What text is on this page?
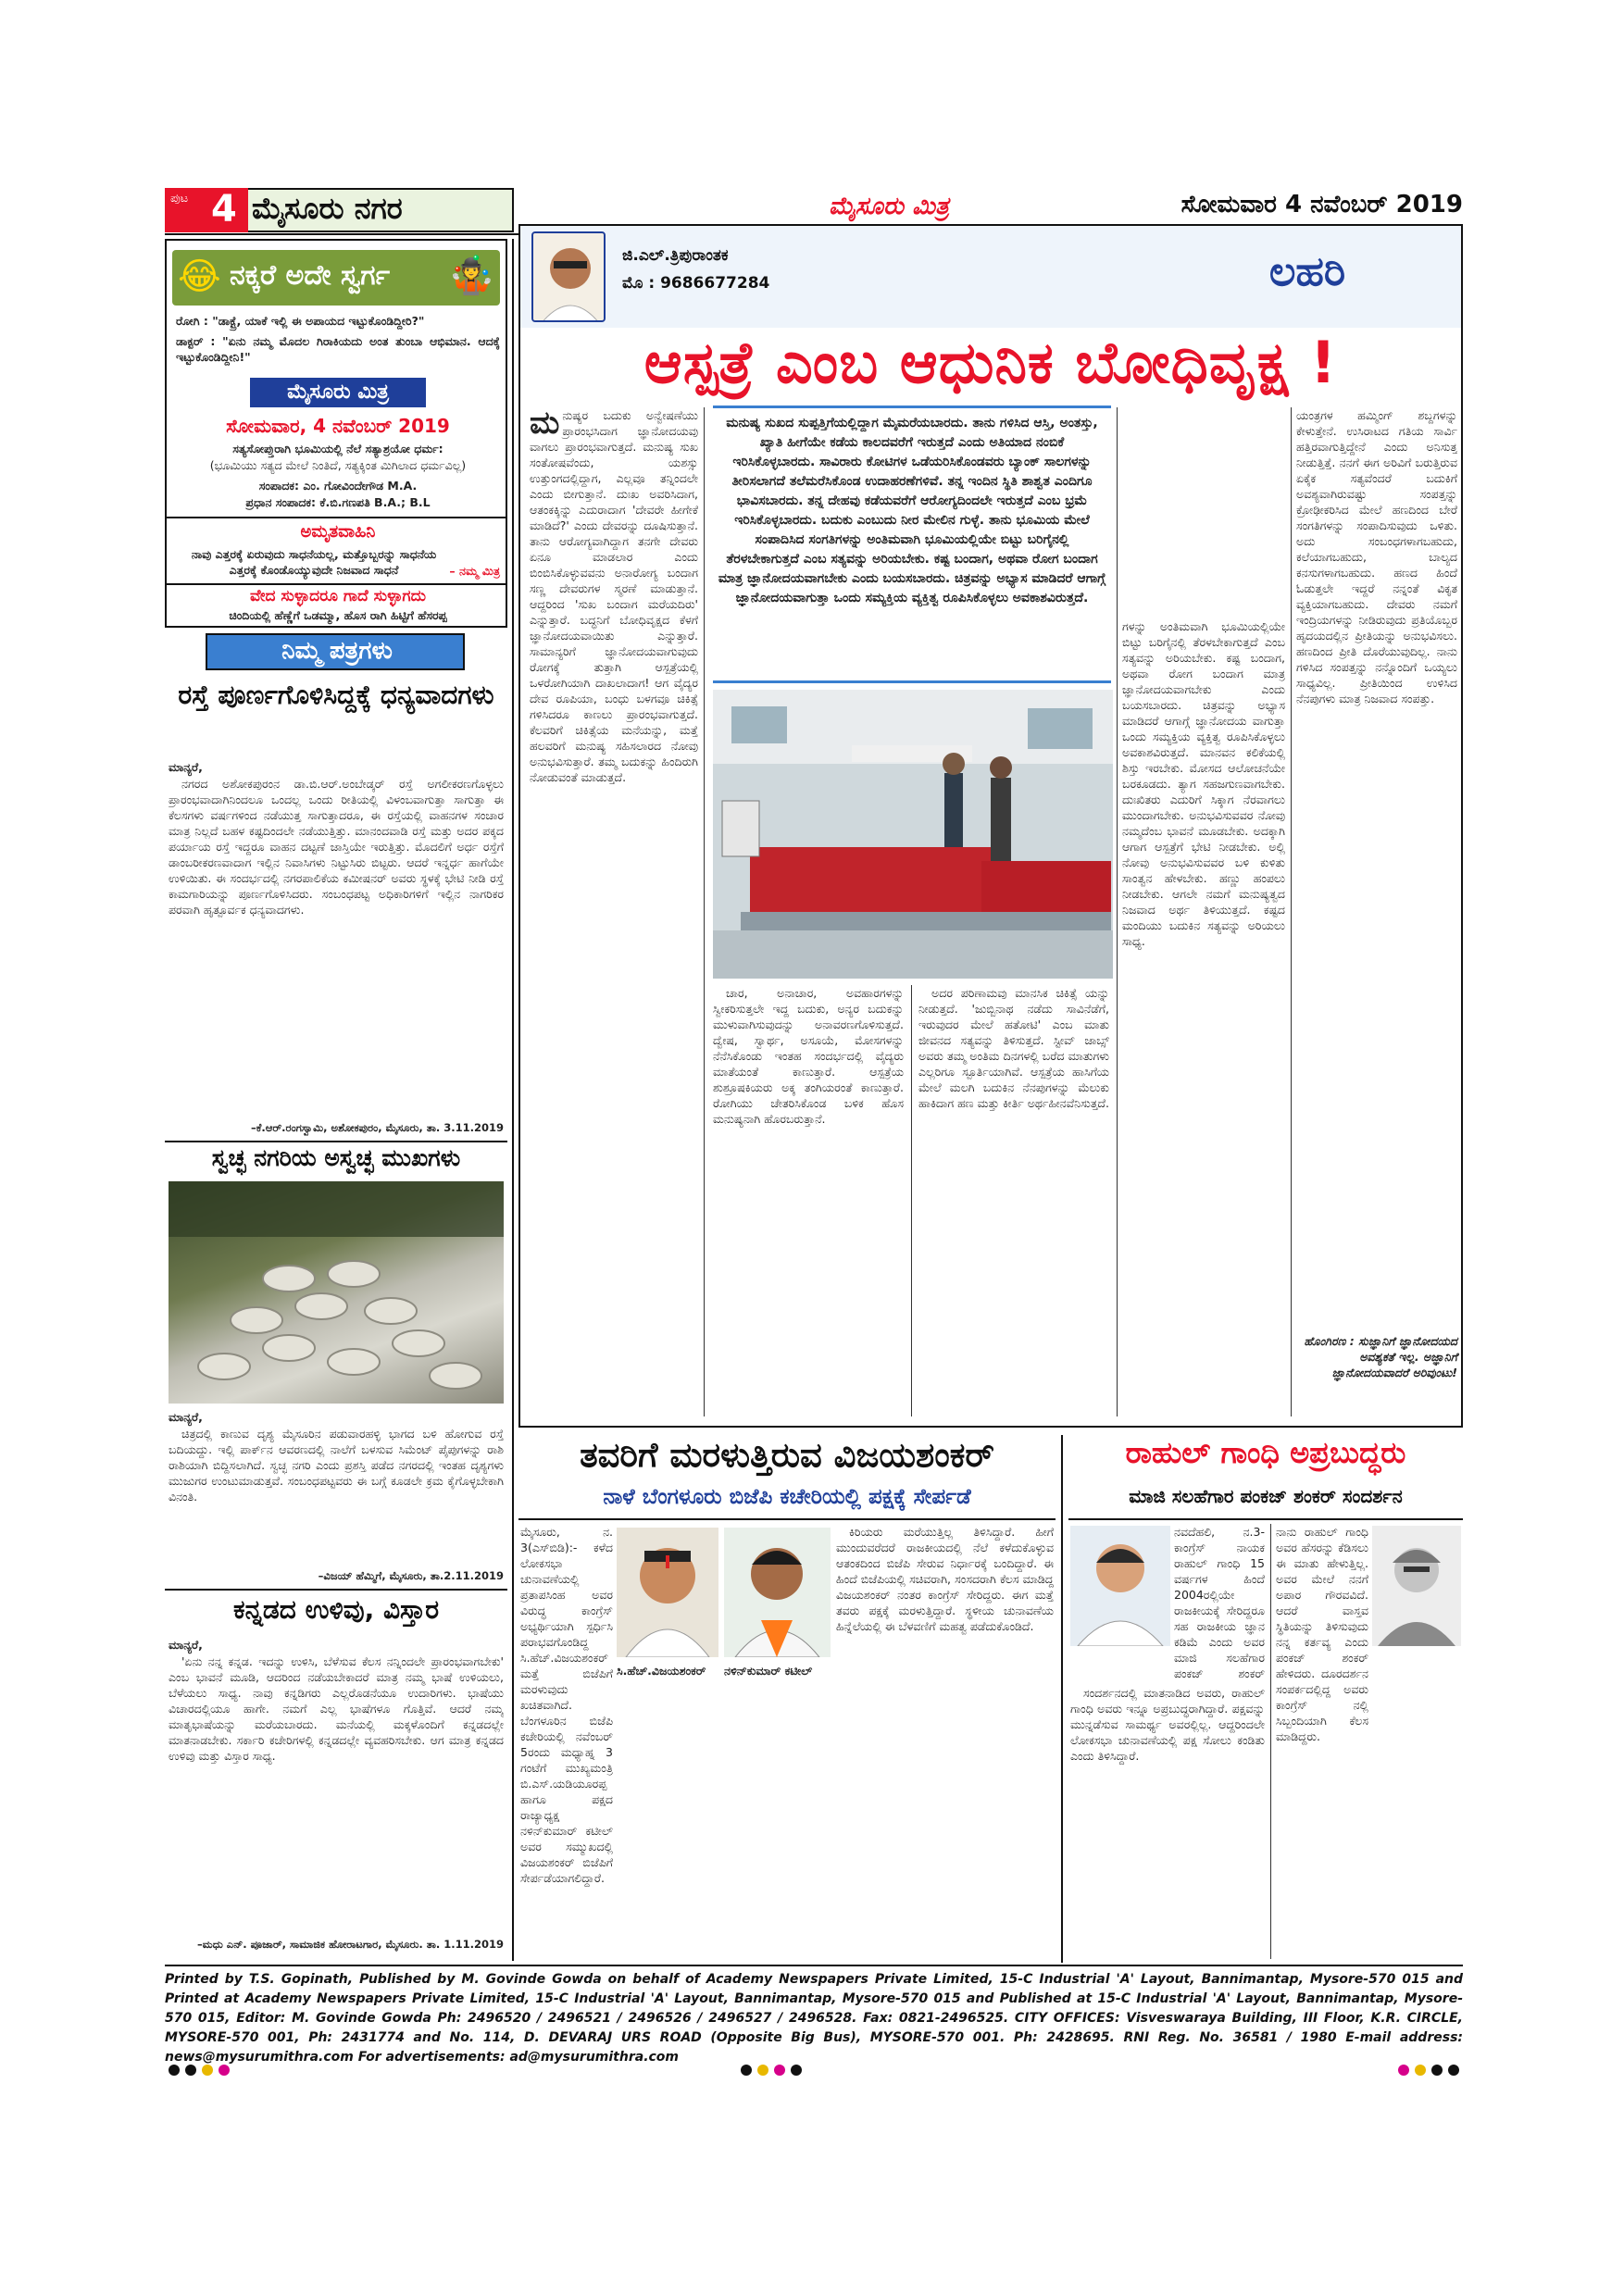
ಪುಟ 4 ಮೈಸೂರು ನಗರ	ಮೈಸೂರು ಮಿತ್ರ	ಸೋಮವಾರ 4 ನವೆಂಬರ್ 2019
😂 ನಕ್ಕರೆ ಅದೇ ಸ್ವರ್ಗ 🤹
ರೋಗಿ : "ಡಾಕ್ಟ್ರೆ, ಯಾಕೆ ಇಲ್ಲಿ ಈ ಅಪಾಯದ ಇಟ್ಟುಕೊಂಡಿದ್ದೀರಿ?"
ಡಾಕ್ಟರ್ : "ಏನು ನಮ್ಮ ಮೊದಲ ಗಿರಾಕಿಯದು ಅಂತ ತುಂಬಾ ಆಭಿಮಾನ. ಆದಕ್ಕೆ ಇಟ್ಟುಕೊಂಡಿದ್ದೀನಿ!"
ಮೈಸೂರು ಮಿತ್ರ
ಸೋಮವಾರ, 4 ನವೆಂಬರ್ 2019
ಸತ್ಯಸೋಪ್ತುರಾಗಿ ಭೂಮಿಯಲ್ಲಿ ನೆಲೆ ಸತ್ಯಾಶ್ರಯೋ ಧರ್ಮ:
(ಭೂಮಿಯು ಸತ್ಯದ ಮೇಲೆ ನಿಂತಿದೆ, ಸತ್ಯಕ್ಕಿಂತ ಮಿಗಿಲಾದ ಧರ್ಮವಿಲ್ಲ)
ಸಂಪಾದಕ: ಎಂ. ಗೋವಿಂದೇಗೌಡ M.A.
ಪ್ರಧಾನ ಸಂಪಾದಕ: ಕೆ.ಬಿ.ಗಣಪತಿ B.A.; B.L
ಅಮೃತವಾಹಿನಿ
ನಾವು ಎತ್ತರಕ್ಕೆ ಏರುವುದು ಸಾಧನೆಯಲ್ಲ, ಮತ್ತೊಬ್ಬರನ್ನು ಸಾಧನೆಯ ಎತ್ತರಕ್ಕೆ ಕೊಂಡೊಯ್ಯುವುದೇ ನಿಜವಾದ ಸಾಧನೆ	– ನಮ್ಮ ಮಿತ್ರ
ವೇದ ಸುಳ್ಳಾದರೂ ಗಾದೆ ಸುಳ್ಳಾಗದು
ಚಿಂದಿಯಲ್ಲಿ ಹೆಣ್ಣೆಗೆ ಒಡಮ್ಮಾ, ಹೊಸ ರಾಗಿ ಹಿಟ್ಟಿಗೆ ಹೆಸರಪ್ಪ
ನಿಮ್ಮ ಪತ್ರಗಳು
ರಸ್ತೆ ಪೂರ್ಣಗೊಳಿಸಿದ್ದಕ್ಕೆ ಧನ್ಯವಾದಗಳು
ಮಾನ್ಯರೆ,
ನಗರದ ಅಶೋಕಪುರಂನ ಡಾ.ಬಿ.ಆರ್.ಅಂಬೇಡ್ಕರ್ ರಸ್ತೆ ಅಗಲೀಕರಣಗೊಳ್ಳಲು ಪ್ರಾರಂಭವಾದಾಗಿನಿಂದಲೂ ಒಂದಲ್ಲ ಒಂದು ರೀತಿಯಲ್ಲಿ ವಿಳಂಬವಾಗುತ್ತಾ ಸಾಗುತ್ತಾ ಈ ಕೆಲಸಗಳು ವರ್ಷಗಳಿಂದ ನಡೆಯುತ್ತ ಸಾಗುತ್ತಾದರೂ, ಈ ರಸ್ತೆಯಲ್ಲಿ ವಾಹನಗಳ ಸಂಚಾರ ಮಾತ್ರ ನಿಲ್ಲದೆ ಬಹಳ ಕಷ್ಟದಿಂದಲೇ ನಡೆಯುತ್ತಿತ್ತು. ಮಾನಂದವಾಡಿ ರಸ್ತೆ ಮತ್ತು ಅದರ ಪಕ್ಕದ ಪರ್ಯಾಯ ರಸ್ತೆ ಇದ್ದರೂ ವಾಹನ ದಟ್ಟಣೆ ಜಾಸ್ತಿಯೇ ಇರುತ್ತಿತ್ತು. ಮೊದಲಿಗೆ ಅರ್ಧ ರಸ್ತೆಗೆ ಡಾಂಬರೀಕರಣವಾದಾಗ ಇಲ್ಲಿನ ನಿವಾಸಿಗಳು ನಿಟ್ಟುಸಿರು ಬಿಟ್ಟರು. ಆದರೆ ಇನ್ನರ್ಧ ಹಾಗೆಯೇ ಉಳಿಯಿತು. ಈ ಸಂದರ್ಭದಲ್ಲಿ ನಗರಪಾಲಿಕೆಯ ಕಮೀಷನರ್ ಅವರು ಸ್ಥಳಕ್ಕೆ ಭೇಟಿ ನೀಡಿ ರಸ್ತೆ ಕಾಮಗಾರಿಯನ್ನು ಪೂರ್ಣಗೊಳಿಸಿದರು. ಸಂಬಂಧಪಟ್ಟ ಅಧಿಕಾರಿಗಳಿಗೆ ಇಲ್ಲಿನ ನಾಗರಿಕರ ಪರವಾಗಿ ಹೃತ್ಪೂರ್ವಕ ಧನ್ಯವಾದಗಳು.
–ಕೆ.ಆರ್.ರಂಗಸ್ವಾಮಿ, ಅಶೋಕಪುರಂ, ಮೈಸೂರು, ತಾ. 3.11.2019
ಸ್ವಚ್ಛ ನಗರಿಯ ಅಸ್ವಚ್ಛ ಮುಖಗಳು
ಮಾನ್ಯರೆ,
ಚಿತ್ರದಲ್ಲಿ ಕಾಣುವ ದೃಶ್ಯ ಮೈಸೂರಿನ ಪಡುವಾರಹಳ್ಳಿ ಭಾಗದ ಬಳಿ ಹೋಗುವ ರಸ್ತೆ ಬದಿಯದ್ದು. ಇಲ್ಲಿ ಪಾರ್ಕ್‌ನ ಆವರಣದಲ್ಲಿ ನಾಲೆಗೆ ಬಳಸುವ ಸಿಮೆಂಟ್ ಪೈಪುಗಳನ್ನು ರಾಶಿ ರಾಶಿಯಾಗಿ ಬಿದ್ದಿಸಲಾಗಿದೆ. ಸ್ವಚ್ಛ ನಗರಿ ಎಂದು ಪ್ರಶಸ್ತಿ ಪಡೆದ ನಗರದಲ್ಲಿ ಇಂತಹ ದೃಶ್ಯಗಳು ಮುಜುಗರ ಉಂಟುಮಾಡುತ್ತವೆ. ಸಂಬಂಧಪಟ್ಟವರು ಈ ಬಗ್ಗೆ ಕೂಡಲೇ ಕ್ರಮ ಕೈಗೊಳ್ಳಬೇಕಾಗಿ ವಿನಂತಿ.
–ವಿಜಯ್ ಹೆಮ್ಮಿಗೆ, ಮೈಸೂರು, ತಾ.2.11.2019
ಕನ್ನಡದ ಉಳಿವು, ವಿಸ್ತಾರ
ಮಾನ್ಯರೆ,
'ಏನು ನನ್ನ ಕನ್ನಡ. ಇದನ್ನು ಉಳಿಸಿ, ಬೆಳೆಸುವ ಕೆಲಸ ನನ್ನಿಂದಲೇ ಪ್ರಾರಂಭವಾಗಬೇಕು' ಎಂಬ ಭಾವನೆ ಮೂಡಿ, ಆದರಿಂದ ನಡೆಯಬೇಕಾದರೆ ಮಾತ್ರ ನಮ್ಮ ಭಾಷೆ ಉಳಿಯಲು, ಬೆಳೆಯಲು ಸಾಧ್ಯ. ನಾವು ಕನ್ನಡಿಗರು ಎಲ್ಲರೊಡನೆಯೂ ಉದಾರಿಗಳು. ಭಾಷೆಯು ವಿಚಾರದಲ್ಲಿಯೂ ಹಾಗೇ. ನಮಗೆ ಎಲ್ಲ ಭಾಷೆಗಳೂ ಗೊತ್ತಿವೆ. ಆದರೆ ನಮ್ಮ ಮಾತೃಭಾಷೆಯನ್ನು ಮರೆಯಬಾರದು. ಮನೆಯಲ್ಲಿ ಮಕ್ಕಳೊಂದಿಗೆ ಕನ್ನಡದಲ್ಲೇ ಮಾತನಾಡಬೇಕು. ಸರ್ಕಾರಿ ಕಚೇರಿಗಳಲ್ಲಿ ಕನ್ನಡದಲ್ಲೇ ವ್ಯವಹರಿಸಬೇಕು. ಆಗ ಮಾತ್ರ ಕನ್ನಡದ ಉಳಿವು ಮತ್ತು ವಿಸ್ತಾರ ಸಾಧ್ಯ.
–ಮಧು ಎನ್. ಪೂಜಾರ್, ಸಾಮಾಜಿಕ ಹೋರಾಟಗಾರ, ಮೈಸೂರು. ತಾ. 1.11.2019
ಜಿ.ಎಲ್.ತ್ರಿಪುರಾಂತಕ
ಮೊ : 9686677284	ಲಹರಿ
ಆಸ್ಪತ್ರೆ ಎಂಬ ಆಧುನಿಕ ಬೋಧಿವೃಕ್ಷ !
ಮನುಷ್ಯರ ಬದುಕು ಅನ್ವೇಷಣೆಯು ಪ್ರಾರಂಭಸಿದಾಗ ಜ್ಞಾನೋದಯವು ವಾಗಲು ಪ್ರಾರಂಭವಾಗುತ್ತದೆ. ಮನುಷ್ಯ ಸುಖ ಸಂತೋಷವೆಂದು, ಯಶಸ್ಸು ಉತ್ತುಂಗದಲ್ಲಿದ್ದಾಗ, ಎಲ್ಲವೂ ತನ್ನಿಂದಲೇ ಎಂದು ಬೀಗುತ್ತಾನೆ. ದುಃಖ ಅವರಿಸಿದಾಗ, ಆತಂಕಕ್ಕಿನ್ನು ಎದುರಾದಾಗ 'ದೇವರೇ ಹೀಗೇಕೆ ಮಾಡಿದೆ?' ಎಂದು ದೇವರನ್ನು ದೂಷಿಸುತ್ತಾನೆ. ತಾನು ಆರೋಗ್ಯವಾಗಿದ್ದಾಗ ತನಗೇ ದೇವರು ಏನೂ ಮಾಡಲಾರ ಎಂದು ಬಿಂಬಿಸಿಕೊಳ್ಳುವವನು ಅನಾರೋಗ್ಯ ಬಂದಾಗ ಸಣ್ಣ ದೇವರುಗಳ ಸ್ಮರಣೆ ಮಾಡುತ್ತಾನೆ. ಆದ್ದರಿಂದ 'ಸುಖ ಬಂದಾಗ ಮರೆಯದಿರು' ಎನ್ನುತ್ತಾರೆ. ಬದ್ಧನಿಗೆ ಬೋಧಿವೃಕ್ಷದ ಕೆಳಗೆ ಜ್ಞಾನೋದಯವಾಯಿತು ಎನ್ನುತ್ತಾರೆ. ಸಾಮಾನ್ಯರಿಗೆ ಜ್ಞಾನೋದಯವಾಗುವುದು ರೋಗಕ್ಕೆ ತುತ್ತಾಗಿ ಆಸ್ಪತ್ರೆಯಲ್ಲಿ ಒಳರೋಗಿಯಾಗಿ ದಾಖಲಾದಾಗ! ಆಗ ವೈದ್ಯರ ದೇವ ರೂಪಿಯಾ, ಬಂಧು ಬಳಗವೂ ಚಿಕಿತ್ಸೆ ಗಳಿಸಿದರೂ ಕಾಣಲು ಪ್ರಾರಂಭವಾಗುತ್ತದೆ. ಕೆಲವರಿಗೆ ಚಿಕಿತ್ಸೆಯ ಮನೆಯನ್ನು, ಮತ್ತೆ ಹಲವರಿಗೆ ಮನುಷ್ಯ ಸಹಿಸಲಾರದ ನೋವು ಅನುಭವಿಸುತ್ತಾರೆ. ತಮ್ಮ ಬದುಕನ್ನು ಹಿಂದಿರುಗಿ ನೋಡುವಂತೆ ಮಾಡುತ್ತದೆ.
ಮನುಷ್ಯ ಸುಖದ ಸುಪ್ಪತ್ತಿಗೆಯಲ್ಲಿದ್ದಾಗ ಮೈಮರೆಯಬಾರದು. ತಾನು ಗಳಿಸಿದ ಆಸ್ತಿ, ಅಂತಸ್ತು, ಖ್ಯಾತಿ ಹೀಗೆಯೇ ಕಡೆಯ ಕಾಲದವರೆಗೆ ಇರುತ್ತದೆ ಎಂದು ಅತಿಯಾದ ನಂಬಿಕೆ ಇರಿಸಿಕೊಳ್ಳಬಾರದು. ಸಾವಿರಾರು ಕೋಟಿಗಳ ಒಡೆಯರಿಸಿಕೊಂಡವರು ಬ್ಯಾಂಕ್ ಸಾಲಗಳನ್ನು ತೀರಿಸಲಾಗದೆ ತಲೆಮರೆಸಿಕೊಂಡ ಉದಾಹರಣೆಗಳಿವೆ. ತನ್ನ ಇಂದಿನ ಸ್ಥಿತಿ ಶಾಶ್ವತ ಎಂದಿಗೂ ಭಾವಿಸಬಾರದು. ತನ್ನ ದೇಹವು ಕಡೆಯವರೆಗೆ ಆರೋಗ್ಯದಿಂದಲೇ ಇರುತ್ತದೆ ಎಂಬ ಭ್ರಮೆ ಇರಿಸಿಕೊಳ್ಳಬಾರದು. ಬದುಕು ಎಂಬುದು ನೀರ ಮೇಲಿನ ಗುಳ್ಳೆ. ತಾನು ಭೂಮಿಯ ಮೇಲೆ ಸಂಪಾದಿಸಿದ ಸಂಗತಿಗಳನ್ನು ಅಂತಿಮವಾಗಿ ಭೂಮಿಯಲ್ಲಿಯೇ ಬಿಟ್ಟು ಬರಿಗೈನಲ್ಲಿ ತೆರಳಬೇಕಾಗುತ್ತದೆ ಎಂಬ ಸತ್ಯವನ್ನು ಅರಿಯಬೇಕು. ಕಷ್ಟ ಬಂದಾಗ, ಅಥವಾ ರೋಗ ಬಂದಾಗ ಮಾತ್ರ ಜ್ಞಾನೋದಯವಾಗಬೇಕು ಎಂದು ಬಯಸಬಾರದು. ಚಿತ್ರವನ್ನು ಅಭ್ಯಾಸ ಮಾಡಿದರೆ ಆಗಾಗ್ಗೆ ಜ್ಞಾನೋದಯವಾಗುತ್ತಾ ಒಂದು ಸಮ್ಯಕ್ತಿಯ ವ್ಯಕ್ತಿತ್ವ ರೂಪಿಸಿಕೊಳ್ಳಲು ಅವಕಾಶವಿರುತ್ತದೆ.
ಚಾರ, ಅನಾಚಾರ, ಅವಹಾರಗಳನ್ನು ಸ್ವೀಕರಿಸುತ್ತಲೇ ಇದ್ದ ಬದುಕು, ಅನ್ಯರ ಬದುಕನ್ನು ಮುಳುವಾಗಿಸುವುದನ್ನು ಅನಾವರಣಗೊಳಿಸುತ್ತದೆ. ದ್ವೇಷ, ಸ್ವಾರ್ಥ, ಅಸೂಯೆ, ಮೋಸಗಳನ್ನು ನೆನೆಸಿಕೊಂಡು ಇಂತಹ ಸಂದರ್ಭದಲ್ಲಿ ವೈದ್ಯರು ಮಾತೆಯಂತೆ ಕಾಣುತ್ತಾರೆ. ಆಸ್ಪತ್ರೆಯ ಶುಶ್ರೂಷಕಿಯರು ಅಕ್ಕ ತಂಗಿಯರಂತೆ ಕಾಣುತ್ತಾರೆ. ರೋಗಿಯು ಚೇತರಿಸಿಕೊಂಡ ಬಳಿಕ ಹೊಸ ಮನುಷ್ಯನಾಗಿ ಹೊರಬರುತ್ತಾನೆ.
ಅದರ ಪರಿಣಾಮವು ಮಾನಸಿಕ ಚಿಕಿತ್ಸೆ ಯನ್ನು ನೀಡುತ್ತದೆ. 'ಜುಬ್ಬಿನಾಥ ನಡೆದು ಸಾವಿನೆಡೆಗೆ, ಇರುವುದರ ಮೇಲೆ ಹತೋಟಿ' ಎಂಬ ಮಾತು ಜೀವನದ ಸತ್ಯವನ್ನು ತಿಳಿಸುತ್ತದೆ. ಸ್ಟೀವ್ ಜಾಬ್ಸ್ ಅವರು ತಮ್ಮ ಅಂತಿಮ ದಿನಗಳಲ್ಲಿ ಬರೆದ ಮಾತುಗಳು ಎಲ್ಲರಿಗೂ ಸ್ಪೂರ್ತಿಯಾಗಿವೆ. ಆಸ್ಪತ್ರೆಯ ಹಾಸಿಗೆಯ ಮೇಲೆ ಮಲಗಿ ಬದುಕಿನ ನೆನಪುಗಳನ್ನು ಮೆಲುಕು ಹಾಕಿದಾಗ ಹಣ ಮತ್ತು ಕೀರ್ತಿ ಅರ್ಥಹೀನವೆನಿಸುತ್ತದೆ.
ಗಳನ್ನು ಅಂತಿಮವಾಗಿ ಭೂಮಿಯಲ್ಲಿಯೇ ಬಿಟ್ಟು ಬರಿಗೈನಲ್ಲಿ ತೆರಳಬೇಕಾಗುತ್ತದೆ ಎಂಬ ಸತ್ಯವನ್ನು ಅರಿಯಬೇಕು. ಕಷ್ಟ ಬಂದಾಗ, ಅಥವಾ ರೋಗ ಬಂದಾಗ ಮಾತ್ರ ಜ್ಞಾನೋದಯವಾಗಬೇಕು ಎಂದು ಬಯಸಬಾರದು. ಚಿತ್ರವನ್ನು ಅಭ್ಯಾಸ ಮಾಡಿದರೆ ಆಗಾಗ್ಗೆ ಜ್ಞಾನೋದಯ ವಾಗುತ್ತಾ ಒಂದು ಸಮ್ಯಕ್ತಿಯ ವ್ಯಕ್ತಿತ್ವ ರೂಪಿಸಿಕೊಳ್ಳಲು ಅವಕಾಶವಿರುತ್ತದೆ. ಮಾನವನ ಕಲಿಕೆಯಲ್ಲಿ ಶಿಸ್ತು ಇರಬೇಕು. ಮೋಸದ ಆಲೋಚನೆಯೇ ಬರಕೂಡದು. ತ್ಯಾಗ ಸಹಜಗುಣವಾಗಬೇಕು. ದುಃಖಿತರು ಎದುರಿಗೆ ಸಿಕ್ಕಾಗ ನೆರವಾಗಲು ಮುಂದಾಗಬೇಕು. ಅನುಭವಿಸುವವರ ನೋವು ನಮ್ಮದೆಂಬ ಭಾವನೆ ಮೂಡಬೇಕು. ಅದಕ್ಕಾಗಿ ಆಗಾಗ ಆಸ್ಪತ್ರೆಗೆ ಭೇಟಿ ನೀಡಬೇಕು. ಅಲ್ಲಿ ನೋವು ಅನುಭವಿಸುವವರ ಬಳಿ ಕುಳಿತು ಸಾಂತ್ವನ ಹೇಳಬೇಕು. ಹಣ್ಣು ಹಂಪಲು ನೀಡಬೇಕು. ಆಗಲೇ ನಮಗೆ ಮನುಷ್ಯತ್ವದ ನಿಜವಾದ ಅರ್ಥ ತಿಳಿಯುತ್ತದೆ. ಕಷ್ಟದ ಮಂದಿಯು ಬದುಕಿನ ಸತ್ಯವನ್ನು ಅರಿಯಲು ಸಾಧ್ಯ.
ಯಂತ್ರಗಳ ಹಮ್ಮಿಂಗ್ ಶಬ್ದಗಳನ್ನು ಕೇಳುತ್ತೇನೆ. ಉಸಿರಾಟದ ಗತಿಯ ಸಾರ್ವಿ ಹತ್ತಿರವಾಗುತ್ತಿದ್ದೇನೆ ಎಂದು ಅನಿಸುತ್ತ ನೀಡುತ್ತಿತ್ತೆ. ನನಗೆ ಈಗ ಅರಿವಿಗೆ ಬರುತ್ತಿರುವ ಏಕೈಕ ಸತ್ಯವೆಂದರೆ ಬದುಕಿಗೆ ಅವಶ್ಯವಾಗಿರುವಷ್ಟು ಸಂಪತ್ತನ್ನು ಕ್ರೋಢೀಕರಿಸಿದ ಮೇಲೆ ಹಣದಿಂದ ಬೇರೆ ಸಂಗತಿಗಳನ್ನು ಸಂಪಾದಿಸುವುದು ಒಳಿತು. ಅದು ಸಂಬಂಧಗಳಾಗಬಹುದು, ಕಲೆಯಾಗಬಹುದು, ಬಾಲ್ಯದ ಕನಸುಗಳಾಗಬಹುದು. ಹಣದ ಹಿಂದೆ ಓಡುತ್ತಲೇ ಇದ್ದರೆ ನನ್ನಂತೆ ವಿಕೃತ ವ್ಯಕ್ತಿಯಾಗಬಹುದು. ದೇವರು ನಮಗೆ ಇಂದ್ರಿಯಗಳನ್ನು ನೀಡಿರುವುದು ಪ್ರತಿಯೊಬ್ಬರ ಹೃದಯದಲ್ಲಿನ ಪ್ರೀತಿಯನ್ನು ಅನುಭವಿಸಲು. ಹಣದಿಂದ ಪ್ರೀತಿ ದೊರೆಯುವುದಿಲ್ಲ. ನಾನು ಗಳಿಸಿದ ಸಂಪತ್ತನ್ನು ನನ್ನೊಂದಿಗೆ ಒಯ್ಯಲು ಸಾಧ್ಯವಿಲ್ಲ. ಪ್ರೀತಿಯಿಂದ ಉಳಿಸಿದ ನೆನಪುಗಳು ಮಾತ್ರ ನಿಜವಾದ ಸಂಪತ್ತು.
ಹೊಂಗಿರಣ : ಸುಜ್ಞಾನಿಗೆ ಜ್ಞಾನೋದಯದ ಅವಶ್ಯಕತೆ ಇಲ್ಲ. ಅಜ್ಞಾನಿಗೆ ಜ್ಞಾನೋದಯವಾದರೆ ಅರಿವುಂಟು!
ತವರಿಗೆ ಮರಳುತ್ತಿರುವ ವಿಜಯಶಂಕರ್
ನಾಳೆ ಬೆಂಗಳೂರು ಬಿಜೆಪಿ ಕಚೇರಿಯಲ್ಲಿ ಪಕ್ಷಕ್ಕೆ ಸೇರ್ಪಡೆ
ಮೈಸೂರು, ನ. 3(ಎಸ್‌ಬಿಡಿ):- ಕಳೆದ ಲೋಕಸಭಾ ಚುನಾವಣೆಯಲ್ಲಿ ಪ್ರತಾಪಸಿಂಹ ಅವರ ವಿರುದ್ಧ ಕಾಂಗ್ರೆಸ್ ಅಭ್ಯರ್ಥಿಯಾಗಿ ಸ್ಪರ್ಧಿಸಿ ಪರಾಭವಗೊಂಡಿದ್ದ ಸಿ.ಹೆಚ್.ವಿಜಯಶಂಕರ್ ಮತ್ತೆ ಬಿಜೆಪಿಗೆ ಮರಳುವುದು ಖಚಿತವಾಗಿದೆ. ಬೆಂಗಳೂರಿನ ಬಿಜೆಪಿ ಕಚೇರಿಯಲ್ಲಿ ನವೆಂಬರ್ 5ರಂದು ಮಧ್ಯಾಹ್ನ 3 ಗಂಟೆಗೆ ಮುಖ್ಯಮಂತ್ರಿ ಬಿ.ಎಸ್.ಯಡಿಯೂರಪ್ಪ ಹಾಗೂ ಪಕ್ಷದ ರಾಜ್ಯಾಧ್ಯಕ್ಷ ನಳಿನ್‌ಕುಮಾರ್ ಕಟೀಲ್ ಅವರ ಸಮ್ಮುಖದಲ್ಲಿ ವಿಜಯಶಂಕರ್ ಬಿಜೆಪಿಗೆ ಸೇರ್ಪಡೆಯಾಗಲಿದ್ದಾರೆ.
ಸಿ.ಹೆಚ್.ವಿಜಯಶಂಕರ್	ನಳಿನ್‌ಕುಮಾರ್ ಕಟೀಲ್
ಕಿರಿಯರು ಮರೆಯುತ್ತಿಲ್ಲ ತಿಳಿಸಿದ್ದಾರೆ. ಹೀಗೆ ಮುಂದುವರೆದರೆ ರಾಜಕೀಯದಲ್ಲಿ ನೆಲೆ ಕಳೆದುಕೊಳ್ಳುವ ಆತಂಕದಿಂದ ಬಿಜೆಪಿ ಸೇರುವ ನಿರ್ಧಾರಕ್ಕೆ ಬಂದಿದ್ದಾರೆ. ಈ ಹಿಂದೆ ಬಿಜೆಪಿಯಲ್ಲಿ ಸಚಿವರಾಗಿ, ಸಂಸದರಾಗಿ ಕೆಲಸ ಮಾಡಿದ್ದ ವಿಜಯಶಂಕರ್ ನಂತರ ಕಾಂಗ್ರೆಸ್ ಸೇರಿದ್ದರು. ಈಗ ಮತ್ತೆ ತವರು ಪಕ್ಷಕ್ಕೆ ಮರಳುತ್ತಿದ್ದಾರೆ. ಸ್ಥಳೀಯ ಚುನಾವಣೆಯ ಹಿನ್ನೆಲೆಯಲ್ಲಿ ಈ ಬೆಳವಣಿಗೆ ಮಹತ್ವ ಪಡೆದುಕೊಂಡಿದೆ.
ರಾಹುಲ್ ಗಾಂಧಿ ಅಪ್ರಬುದ್ಧರು
ಮಾಜಿ ಸಲಹೆಗಾರ ಪಂಕಜ್ ಶಂಕರ್ ಸಂದರ್ಶನ
ನವದೆಹಲಿ, ನ.3- ಕಾಂಗ್ರೆಸ್ ನಾಯಕ ರಾಹುಲ್ ಗಾಂಧಿ 15 ವರ್ಷಗಳ ಹಿಂದೆ 2004ರಲ್ಲಿಯೇ ರಾಜಕೀಯಕ್ಕೆ ಸೇರಿದ್ದರೂ ಸಹ ರಾಜಕೀಯ ಜ್ಞಾನ ಕಡಿಮೆ ಎಂದು ಅವರ ಮಾಜಿ ಸಲಹೆಗಾರ ಪಂಕಜ್ ಶಂಕರ್
ಸಂದರ್ಶನದಲ್ಲಿ ಮಾತನಾಡಿದ ಅವರು, ರಾಹುಲ್ ಗಾಂಧಿ ಅವರು ಇನ್ನೂ ಅಪ್ರಬುದ್ಧರಾಗಿದ್ದಾರೆ. ಪಕ್ಷವನ್ನು ಮುನ್ನಡೆಸುವ ಸಾಮರ್ಥ್ಯ ಅವರಲ್ಲಿಲ್ಲ. ಆದ್ದರಿಂದಲೇ ಲೋಕಸಭಾ ಚುನಾವಣೆಯಲ್ಲಿ ಪಕ್ಷ ಸೋಲು ಕಂಡಿತು ಎಂದು ತಿಳಿಸಿದ್ದಾರೆ.
ನಾನು ರಾಹುಲ್ ಗಾಂಧಿ ಅವರ ಹೆಸರನ್ನು ಕೆಡಿಸಲು ಈ ಮಾತು ಹೇಳುತ್ತಿಲ್ಲ. ಅವರ ಮೇಲೆ ನನಗೆ ಅಪಾರ ಗೌರವವಿದೆ. ಆದರೆ ವಾಸ್ತವ ಸ್ಥಿತಿಯನ್ನು ತಿಳಿಸುವುದು ನನ್ನ ಕರ್ತವ್ಯ ಎಂದು ಪಂಕಜ್ ಶಂಕರ್ ಹೇಳಿದರು. ದೂರದರ್ಶನ ಸಂಪರ್ಕದಲ್ಲಿದ್ದ ಅವರು ಕಾಂಗ್ರೆಸ್ ನಲ್ಲಿ ಸಿಬ್ಬಂದಿಯಾಗಿ ಕೆಲಸ ಮಾಡಿದ್ದರು.
Printed by T.S. Gopinath, Published by M. Govinde Gowda on behalf of Academy Newspapers Private Limited, 15-C Industrial 'A' Layout, Bannimantap, Mysore-570 015 and Printed at Academy Newspapers Private Limited, 15-C Industrial 'A' Layout, Bannimantap, Mysore-570 015 and Published at 15-C Industrial 'A' Layout, Bannimantap, Mysore-570 015, Editor: M. Govinde Gowda Ph: 2496520 / 2496521 / 2496526 / 2496527 / 2496528. Fax: 0821-2496525. CITY OFFICES: Visveswaraya Building, III Floor, K.R. CIRCLE, MYSORE-570 001, Ph: 2431774 and No. 114, D. DEVARAJ URS ROAD (Opposite Big Bus), MYSORE-570 001. Ph: 2428695. RNI Reg. No. 36581 / 1980 E-mail address: news@mysurumithra.com For advertisements: ad@mysurumithra.com
